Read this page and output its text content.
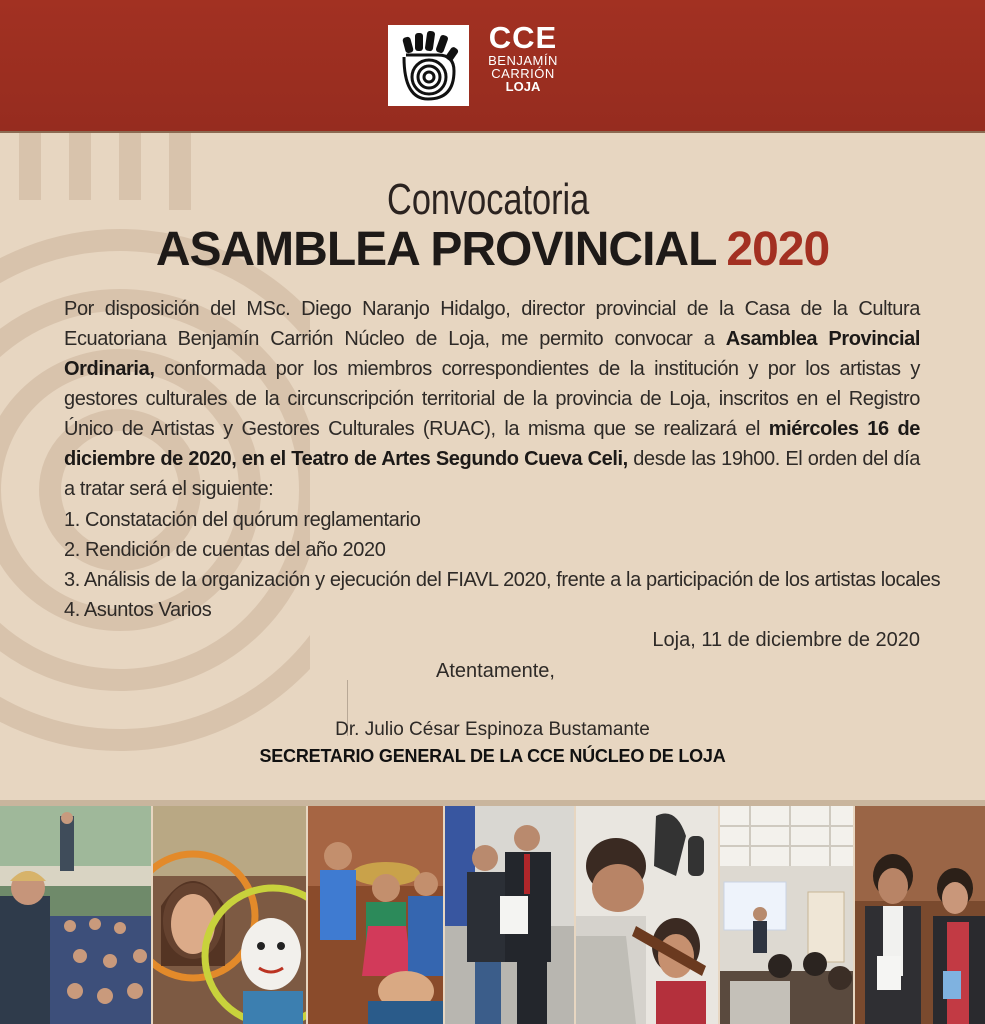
CCE
BENJAMÍN
CARRIÓN
LOJA
Convocatoria
ASAMBLEA PROVINCIAL 2020
Por disposición del MSc. Diego Naranjo Hidalgo, director provincial de la Casa de la Cultura Ecuatoriana Benjamín Carrión Núcleo de Loja, me permito convocar a Asamblea Provincial Ordinaria, conformada por los miembros correspondientes de la institución y por los artistas y gestores culturales de la circunscripción territorial de la provincia de Loja, inscritos en el Registro Único de Artistas y Gestores Culturales (RUAC), la misma que se realizará el miércoles 16 de diciembre de 2020, en el Teatro de Artes Segundo Cueva Celi, desde las 19h00. El orden del día a tratar será el siguiente:
1. Constatación del quórum reglamentario
2. Rendición de cuentas del año 2020
3. Análisis de la organización y ejecución del FIAVL 2020, frente a la participación de los artistas locales
4. Asuntos Varios
Loja, 11 de diciembre de 2020
Atentamente,
Dr. Julio César Espinoza Bustamante
SECRETARIO GENERAL DE LA CCE NÚCLEO DE LOJA
